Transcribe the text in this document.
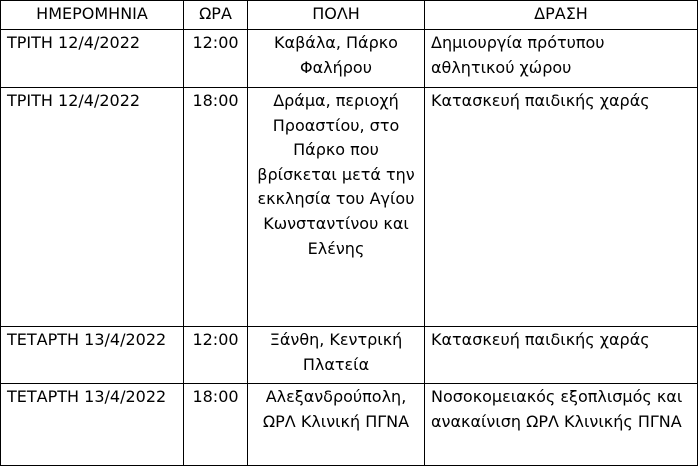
ΗΜΕΡΟΜΗΝΙΑ	ΩΡΑ	ΠΟΛΗ	ΔΡΑΣΗ
ΤΡΙΤΗ 12/4/2022	12:00	Καβάλα, Πάρκο Φαλήρου	Δημιουργία πρότυπου αθλητικού χώρου
ΤΡΙΤΗ 12/4/2022	18:00	Δράμα, περιοχή Προαστίου, στο Πάρκο που βρίσκεται μετά την εκκλησία του Αγίου Κωνσταντίνου και Ελένης	Κατασκευή παιδικής χαράς
ΤΕΤΑΡΤΗ 13/4/2022	12:00	Ξάνθη, Κεντρική Πλατεία	Κατασκευή παιδικής χαράς
ΤΕΤΑΡΤΗ 13/4/2022	18:00	Αλεξανδρούπολη, ΩΡΛ Κλινική ΠΓΝΑ	Νοσοκομειακός εξοπλισμός και ανακαίνιση ΩΡΛ Κλινικής ΠΓΝΑ
